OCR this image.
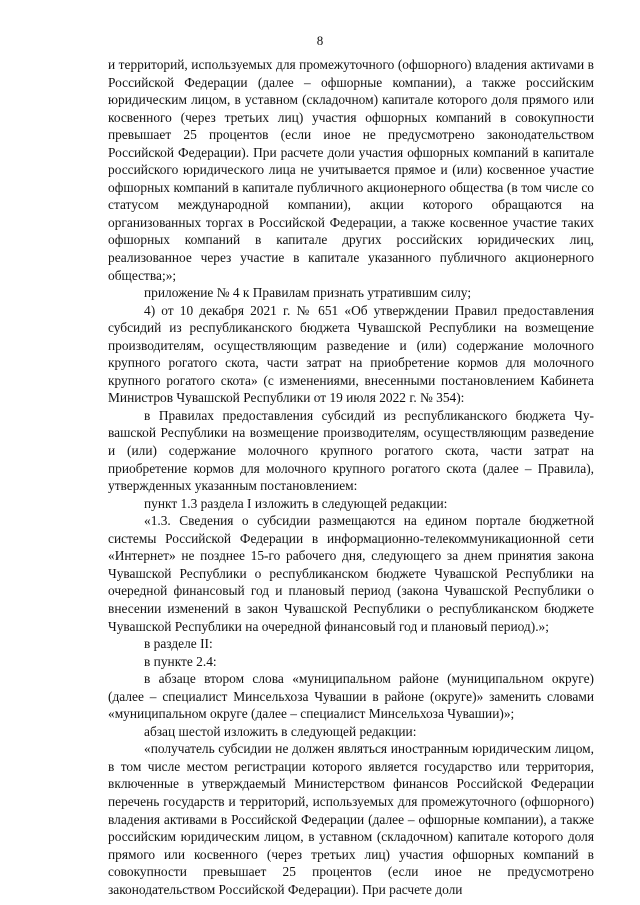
8

и территорий, используемых для промежуточного (офшорного) владения актиvами в Российской Федерации (далее – офшорные компании), а также российским юридическим лицом, в уставном (складочном) капитале которого доля прямого или косвенного (через третьих лиц) участия офшорных компаний в совокупности превышает 25 процентов (если иное не предусмотрено законодательством Российской Федерации). При расчете доли участия офшорных компаний в капитале российского юридического лица не учитывается прямое и (или) косвенное участие офшорных компаний в капитале публичного акционерного общества (в том числе со статусом международной компании), акции которого обращаются на организованных торгах в Российской Федерации, а также косвенное участие таких офшорных компаний в капитале других российских юридических лиц, реализованное через участие в капитале указанного публичного акционерного общества;»;

приложение № 4 к Правилам признать утратившим силу;

4) от 10 декабря 2021 г. № 651 «Об утверждении Правил предоставления субсидий из республиканского бюджета Чувашской Республики на возмещение производителям, осуществляющим разведение и (или) содержание молочного крупного рогатого скота, части затрат на приобретение кормов для молочного крупного рогатого скота» (с изменениями, внесенными постановлением Кабинета Министров Чувашской Республики от 19 июля 2022 г. № 354):

в Правилах предоставления субсидий из республиканского бюджета Чувашской Республики на возмещение производителям, осуществляющим разведение и (или) содержание молочного крупного рогатого скота, части затрат на приобретение кормов для молочного крупного рогатого скота (далее – Правила), утвержденных указанным постановлением:

пункт 1.3 раздела I изложить в следующей редакции:

«1.3. Сведения о субсидии размещаются на едином портале бюджетной системы Российской Федерации в информационно-телекоммуникационной сети «Интернет» не позднее 15-го рабочего дня, следующего за днем принятия закона Чувашской Республики о республиканском бюджете Чувашской Республики на очередной финансовый год и плановый период (закона Чувашской Республики о внесении изменений в закон Чувашской Республики о республиканском бюджете Чувашской Республики на очередной финансовый год и плановый период).»;

в разделе II:

в пункте 2.4:

в абзаце втором слова «муниципальном районе (муниципальном округе) (далее – специалист Минсельхоза Чувашии в районе (округе)» заменить словами «муниципальном округе (далее – специалист Минсельхоза Чувашии)»;

абзац шестой изложить в следующей редакции:

«получатель субсидии не должен являться иностранным юридическим лицом, в том числе местом регистрации которого является государство или территория, включенные в утверждаемый Министерством финансов Российской Федерации перечень государств и территорий, используемых для промежуточного (офшорного) владения активами в Российской Федерации (далее – офшорные компании), а также российским юридическим лицом, в уставном (складочном) капитале которого доля прямого или косвенного (через третьих лиц) участия офшорных компаний в совокупности превышает 25 процентов (если иное не предусмотрено законодательством Российской Федерации). При расчете доли
